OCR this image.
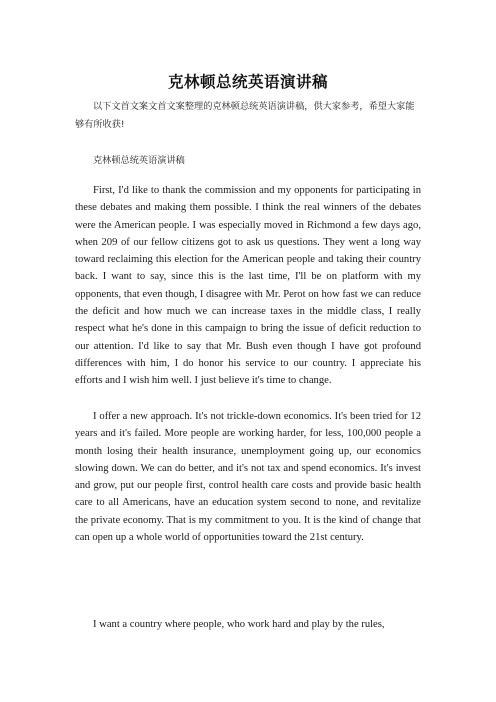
克林顿总统英语演讲稿

以下文首文案文首文案整理的克林顿总统英语演讲稿，供大家参考，希望大家能够有所收获!

克林顿总统英语演讲稿

First, I'd like to thank the commission and my opponents for participating in these debates and making them possible. I think the real winners of the debates were the American people. I was especially moved in Richmond a few days ago, when 209 of our fellow citizens got to ask us questions. They went a long way toward reclaiming this election for the American people and taking their country back. I want to say, since this is the last time, I'll be on platform with my opponents, that even though, I disagree with Mr. Perot on how fast we can reduce the deficit and how much we can increase taxes in the middle class, I really respect what he's done in this campaign to bring the issue of deficit reduction to our attention. I'd like to say that Mr. Bush even though I have got profound differences with him, I do honor his service to our country. I appreciate his efforts and I wish him well. I just believe it's time to change.

I offer a new approach. It's not trickle-down economics. It's been tried for 12 years and it's failed. More people are working harder, for less, 100,000 people a month losing their health insurance, unemployment going up, our economics slowing down. We can do better, and it's not tax and spend economics. It's invest and grow, put our people first, control health care costs and provide basic health care to all Americans, have an education system second to none, and revitalize the private economy. That is my commitment to you. It is the kind of change that can open up a whole world of opportunities toward the 21st century.

I want a country where people, who work hard and play by the rules,
